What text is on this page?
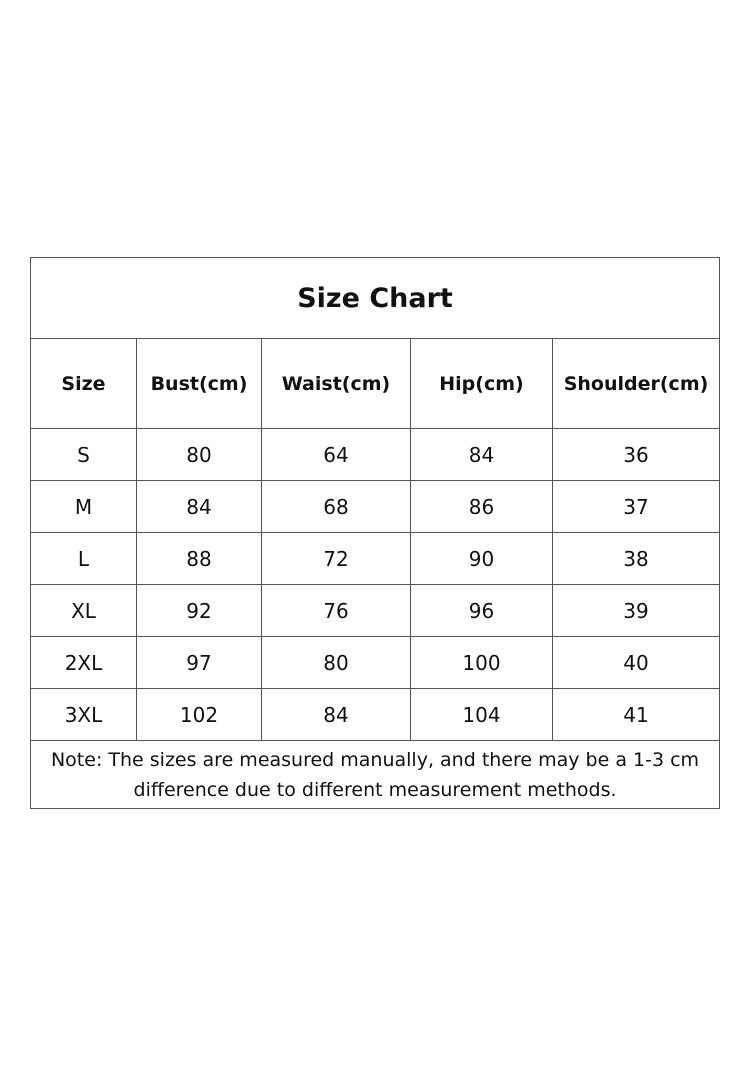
Size Chart				
Size	Bust(cm)	Waist(cm)	Hip(cm)	Shoulder(cm)
S	80	64	84	36
M	84	68	86	37
L	88	72	90	38
XL	92	76	96	39
2XL	97	80	100	40
3XL	102	84	104	41
Note: The sizes are measured manually, and there may be a 1-3 cm difference due to different measurement methods.				
